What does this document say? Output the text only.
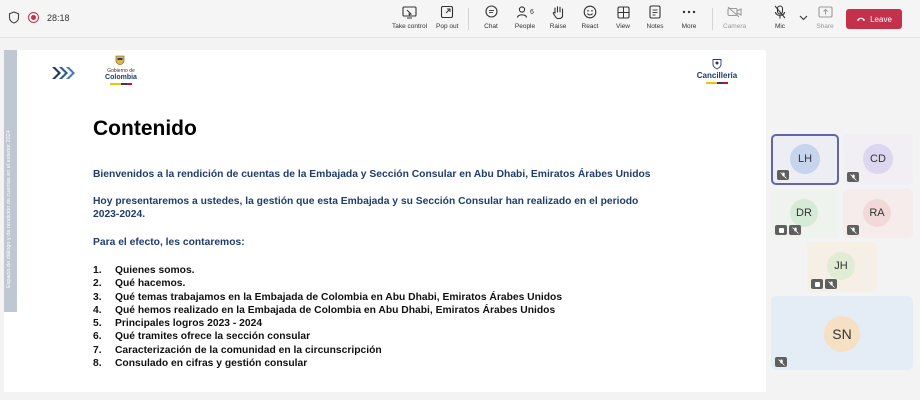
28:18
Take control Pop out	Chat
6
People Raise React	View	Notes	More	Camera	Mic	Share
Leave
Espacio de diálogo y de rendición de cuentas en el exterior 2024
Gobierno de
Colombia	Cancillería
Contenido
Bienvenidos a la rendición de cuentas de la Embajada y Sección Consular en Abu Dhabi, Emiratos Árabes Unidos
Hoy presentaremos a ustedes, la gestión que esta Embajada y su Sección Consular han realizado en el periodo
2023-2024.
Para el efecto, les contaremos:
1.	Quienes somos.
2.	Qué hacemos.
3.	Qué temas trabajamos en la Embajada de Colombia en Abu Dhabi, Emiratos Árabes Unidos
4.	Qué hemos realizado en la Embajada de Colombia en Abu Dhabi, Emiratos Árabes Unidos
5.	Principales logros 2023 - 2024
6.	Qué tramites ofrece la sección consular
7.	Caracterización de la comunidad en la circunscripción
8.	Consulado en cifras y gestión consular
LH	CD
DR	RA
JH
SN
